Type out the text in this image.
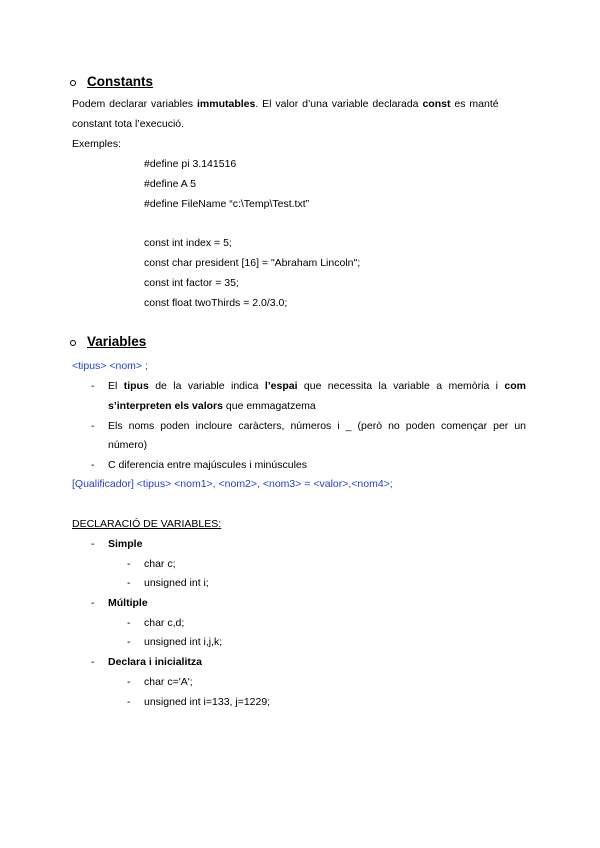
Constants
Podem declarar variables immutables. El valor d’una variable declarada const es manté
constant tota l’execució.
Exemples:
#define pi 3.141516
#define A 5
#define FileName “c:\Temp\Test.txt”
const int index = 5;
const char president [16] = "Abraham Lincoln";
const int factor = 35;
const float twoThirds = 2.0/3.0;
Variables
<tipus> <nom> ;
- El tipus de la variable indica l’espai que necessita la variable a memòria i com
s’interpreten els valors que emmagatzema
- Els noms poden incloure caràcters, números i _ (però no poden començar per un
número)
- C diferencia entre majúscules i minúscules
[Qualificador] <tipus> <nom1>, <nom2>, <nom3> = <valor>,<nom4>;
DECLARACIÓ DE VARIABLES:
- Simple
- char c;
- unsigned int i;
- Múltiple
- char c,d;
- unsigned int i,j,k;
- Declara i inicialitza
- char c='A';
- unsigned int i=133, j=1229;
